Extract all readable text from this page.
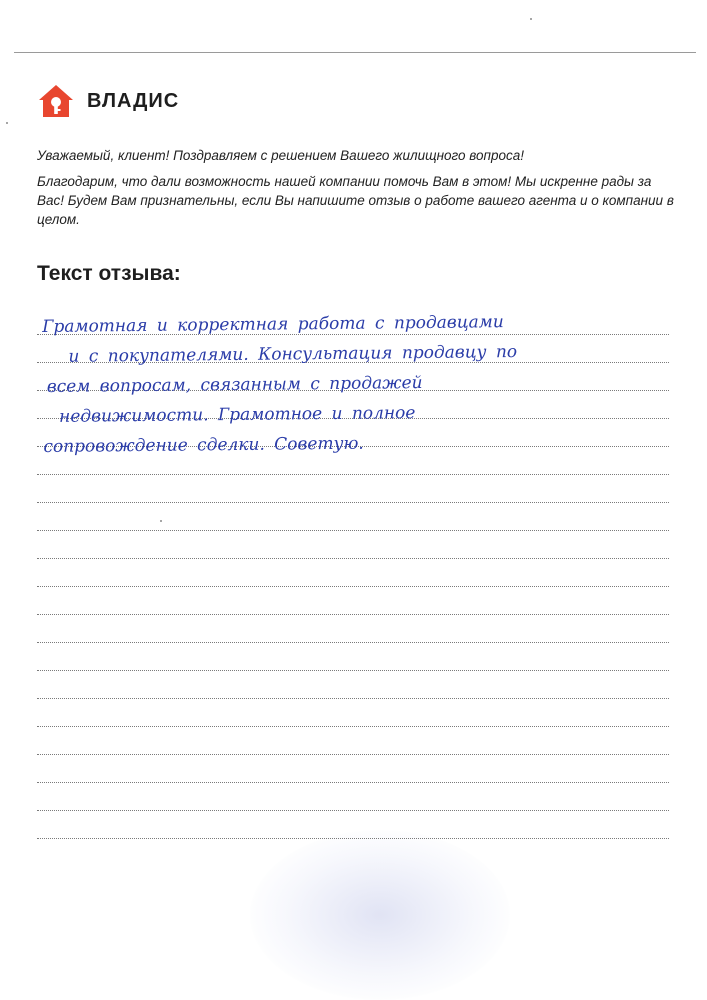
ВЛАДИС

Уважаемый, клиент! Поздравляем с решением Вашего жилищного вопроса!

Благодарим, что дали возможность нашей компании помочь Вам в этом! Мы искренне рады за Вас! Будем Вам признательны, если Вы напишите отзыв о работе вашего агента и о компании в целом.

Текст отзыва:
Грамотная и корректная работа с продавцами
и с покупателями. Консультация продавцу по
всем вопросам, связанным с продажей
недвижимости. Грамотное и полное
сопровождение сделки. Советую.
